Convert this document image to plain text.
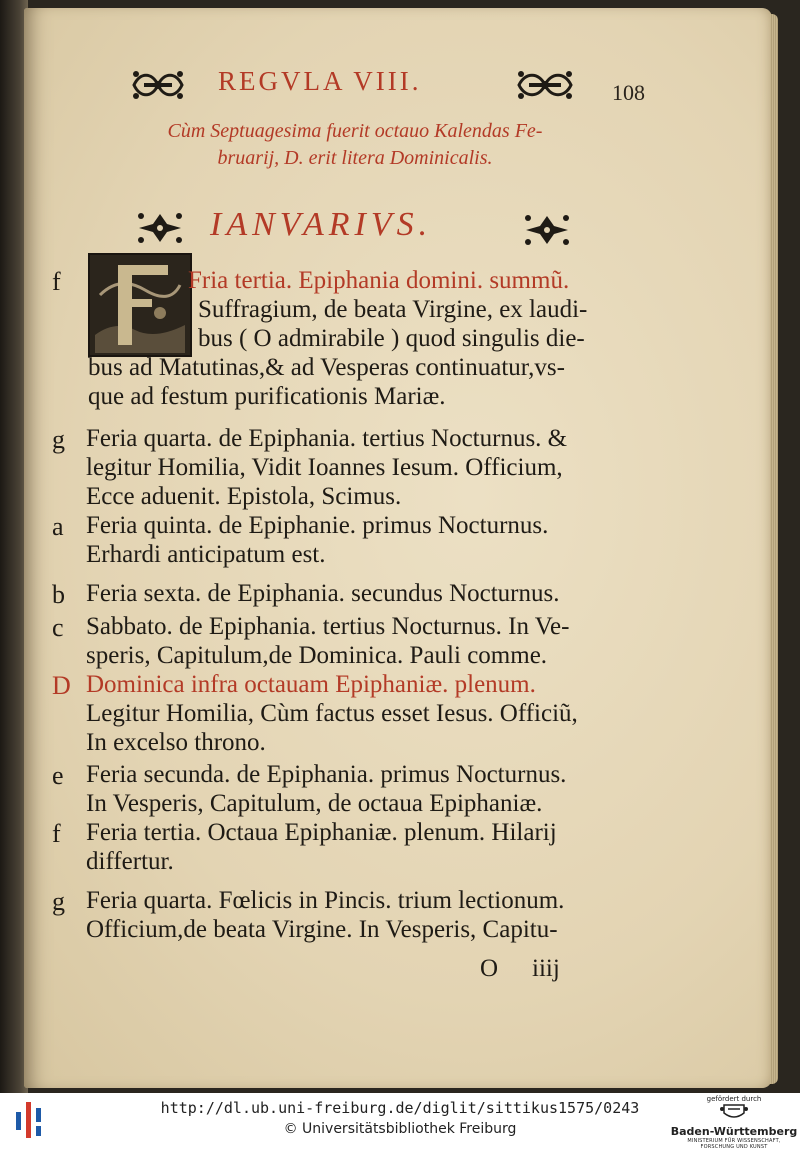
REGVLA VIII.	108
Cùm Septuagesima fuerit octauo Kalendas Fe-
bruarij, D. erit litera Dominicalis.
IANVARIVS.
f	Fria tertia. Epiphania domini. summũ.
Suffragium, de beata Virgine, ex laudi-
bus ( O admirabile ) quod singulis die-
bus ad Matutinas,& ad Vesperas continuatur,vs-
que ad festum purificationis Mariæ.
g Feria quarta. de Epiphania. tertius Nocturnus. &
legitur Homilia, Vidit Ioannes Iesum. Officium,
Ecce aduenit. Epistola, Scimus.
a Feria quinta. de Epiphanie. primus Nocturnus.
Erhardi anticipatum est.
b Feria sexta. de Epiphania. secundus Nocturnus.
c Sabbato. de Epiphania. tertius Nocturnus. In Ve-
speris, Capitulum,de Dominica. Pauli comme.
D Dominica infra octauam Epiphaniæ. plenum.
Legitur Homilia, Cùm factus esset Iesus. Officiũ,
In excelso throno.
e Feria secunda. de Epiphania. primus Nocturnus.
In Vesperis, Capitulum, de octaua Epiphaniæ.
f	Feria tertia. Octaua Epiphaniæ. plenum. Hilarij
differtur.
g Feria quarta. Fœlicis in Pincis. trium lectionum.
Officium,de beata Virgine. In Vesperis, Capitu-
O iiij
http://dl.ub.uni-freiburg.de/diglit/sittikus1575/0243
© Universitätsbibliothek Freiburg
gefördert durch
Baden-Württemberg
MINISTERIUM FÜR WISSENSCHAFT, FORSCHUNG UND KUNST
